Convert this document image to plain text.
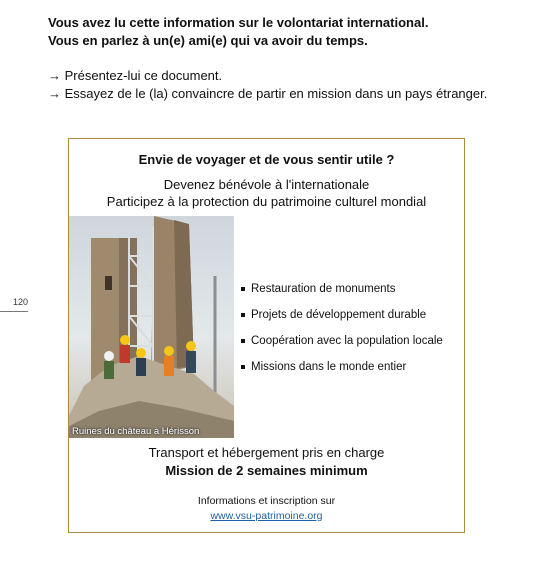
Vous avez lu cette information sur le volontariat international.
Vous en parlez à un(e) ami(e) qui va avoir du temps.
→ Présentez-lui ce document.
→ Essayez de le (la) convaincre de partir en mission dans un pays étranger.
120
Envie de voyager et de vous sentir utile ?
Devenez bénévole à l'internationale
Participez à la protection du patrimoine culturel mondial
Ruines du château à Hérisson
Restauration de monuments
Projets de développement durable
Coopération avec la population locale
Missions dans le monde entier
Transport et hébergement pris en charge
Mission de 2 semaines minimum
Informations et inscription sur
www.vsu-patrimoine.org
